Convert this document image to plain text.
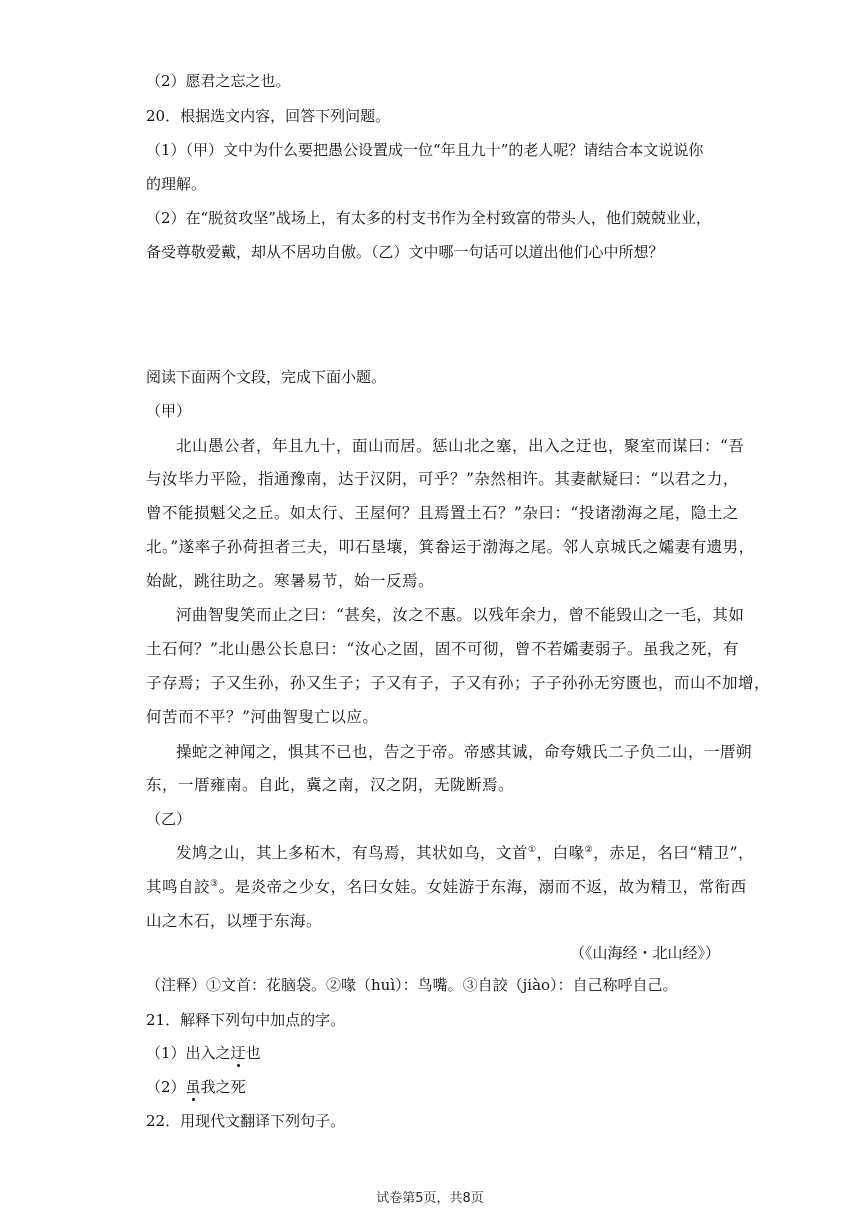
（2）愿君之忘之也。
20．根据选文内容，回答下列问题。
（1）（甲）文中为什么要把愚公设置成一位“年且九十”的老人呢？请结合本文说说你
的理解。
（2）在“脱贫攻坚”战场上，有太多的村支书作为全村致富的带头人，他们兢兢业业，
备受尊敬爱戴，却从不居功自傲。（乙）文中哪一句话可以道出他们心中所想？
阅读下面两个文段，完成下面小题。
（甲）
北山愚公者，年且九十，面山而居。惩山北之塞，出入之迂也，聚室而谋曰：“吾
与汝毕力平险，指通豫南，达于汉阴，可乎？”杂然相许。其妻献疑曰：“以君之力，
曾不能损魁父之丘。如太行、王屋何？且焉置土石？”杂曰：“投诸渤海之尾，隐土之
北。”遂率子孙荷担者三夫，叩石垦壤，箕畚运于渤海之尾。邻人京城氏之孀妻有遗男，
始龀，跳往助之。寒暑易节，始一反焉。
河曲智叟笑而止之曰：“甚矣，汝之不惠。以残年余力，曾不能毁山之一毛，其如
土石何？”北山愚公长息曰：“汝心之固，固不可彻，曾不若孀妻弱子。虽我之死，有
子存焉；子又生孙，孙又生子；子又有子，子又有孙；子子孙孙无穷匮也，而山不加增，
何苦而不平？”河曲智叟亡以应。
操蛇之神闻之，惧其不已也，告之于帝。帝感其诚，命夸娥氏二子负二山，一厝朔
东，一厝雍南。自此，冀之南，汉之阴，无陇断焉。
（乙）
发鸠之山，其上多柘木，有鸟焉，其状如乌，文首①，白喙②，赤足，名曰“精卫”，
其鸣自詨③。是炎帝之少女，名曰女娃。女娃游于东海，溺而不返，故为精卫，常衔西
山之木石，以堙于东海。
（《山海经・北山经》）
（注释）①文首：花脑袋。②喙（huì）：鸟嘴。③自詨（jiào）：自己称呼自己。
21．解释下列句中加点的字。
（1）出入之迂也
（2）虽我之死
22．用现代文翻译下列句子。
试卷第5页，共8页
